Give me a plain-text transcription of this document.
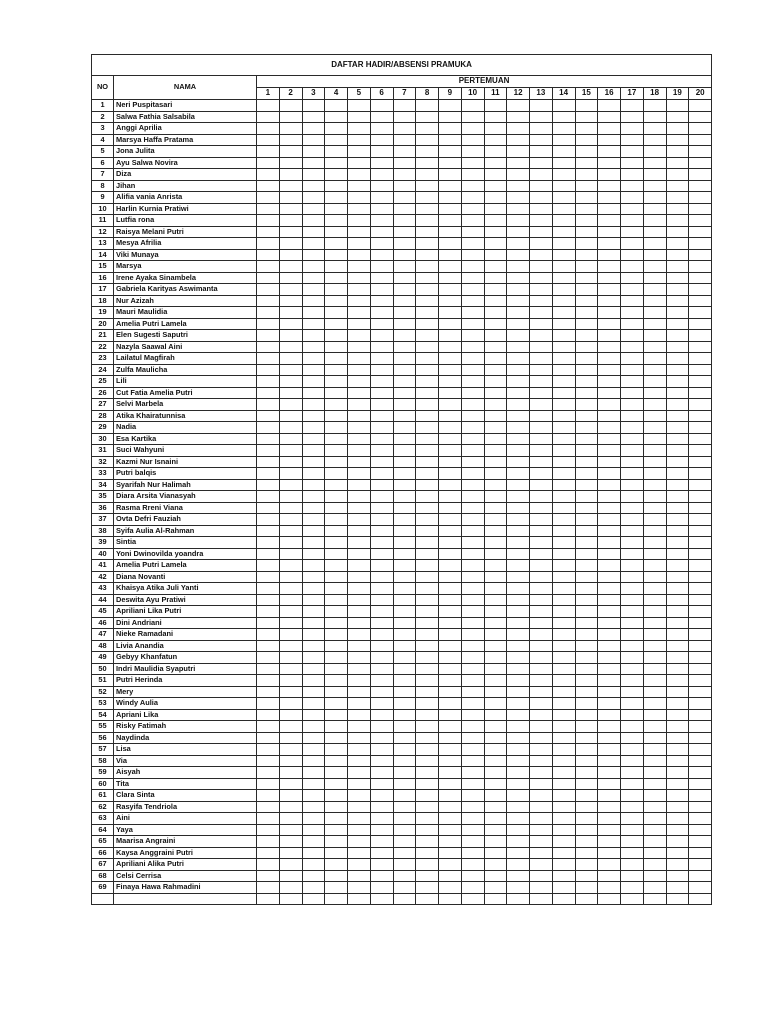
DAFTAR HADIR/ABSENSI PRAMUKA																					
NO	NAMA	PERTEMUAN																			
		1	2	3	4	5	6	7	8	9	10	11	12	13	14	15	16	17	18	19	20
1	Neri Puspitasari																				
2	Salwa Fathia Salsabila																				
3	Anggi Aprilia																				
4	Marsya Haffa Pratama																				
5	Jona Julita																				
6	Ayu Salwa Novira																				
7	Diza																				
8	Jihan																				
9	Alifia vania Anrista																				
10	Harlin Kurnia Pratiwi																				
11	Lutfia rona																				
12	Raisya Melani Putri																				
13	Mesya Afrilia																				
14	Viki Munaya																				
15	Marsya																				
16	Irene Ayaka Sinambela																				
17	Gabriela Karityas Aswimanta																				
18	Nur Azizah																				
19	Mauri Maulidia																				
20	Amelia Putri Lamela																				
21	Elen Sugesti Saputri																				
22	Nazyla Saawal Aini																				
23	Lailatul Magfirah																				
24	Zulfa Maulicha																				
25	Lili																				
26	Cut Fatia Amelia Putri																				
27	Selvi Marbela																				
28	Atika Khairatunnisa																				
29	Nadia																				
30	Esa Kartika																				
31	Suci Wahyuni																				
32	Kazmi Nur Isnaini																				
33	Putri balqis																				
34	Syarifah Nur Halimah																				
35	Diara Arsita Vianasyah																				
36	Rasma Rreni Viana																				
37	Ovta Defri Fauziah																				
38	Syifa Aulia Al-Rahman																				
39	Sintia																				
40	Yoni Dwinovilda yoandra																				
41	Amelia Putri Lamela																				
42	Diana Novanti																				
43	Khaisya Atika Juli Yanti																				
44	Deswita Ayu Pratiwi																				
45	Apriliani Lika Putri																				
46	Dini Andriani																				
47	Nieke Ramadani																				
48	Livia Anandia																				
49	Gebyy Khanfatun																				
50	Indri Maulidia Syaputri																				
51	Putri Herinda																				
52	Mery																				
53	Windy Aulia																				
54	Apriani Lika																				
55	Risky Fatimah																				
56	Naydinda																				
57	Lisa																				
58	Via																				
59	Aisyah																				
60	Tita																				
61	Clara Sinta																				
62	Rasyifa Tendriola																				
63	Aini																				
64	Yaya																				
65	Maarisa Angraini																				
66	Kaysa Anggraini Putri																				
67	Apriliani Alika Putri																				
68	Celsi Cerrisa																				
69	Finaya Hawa Rahmadini																				
